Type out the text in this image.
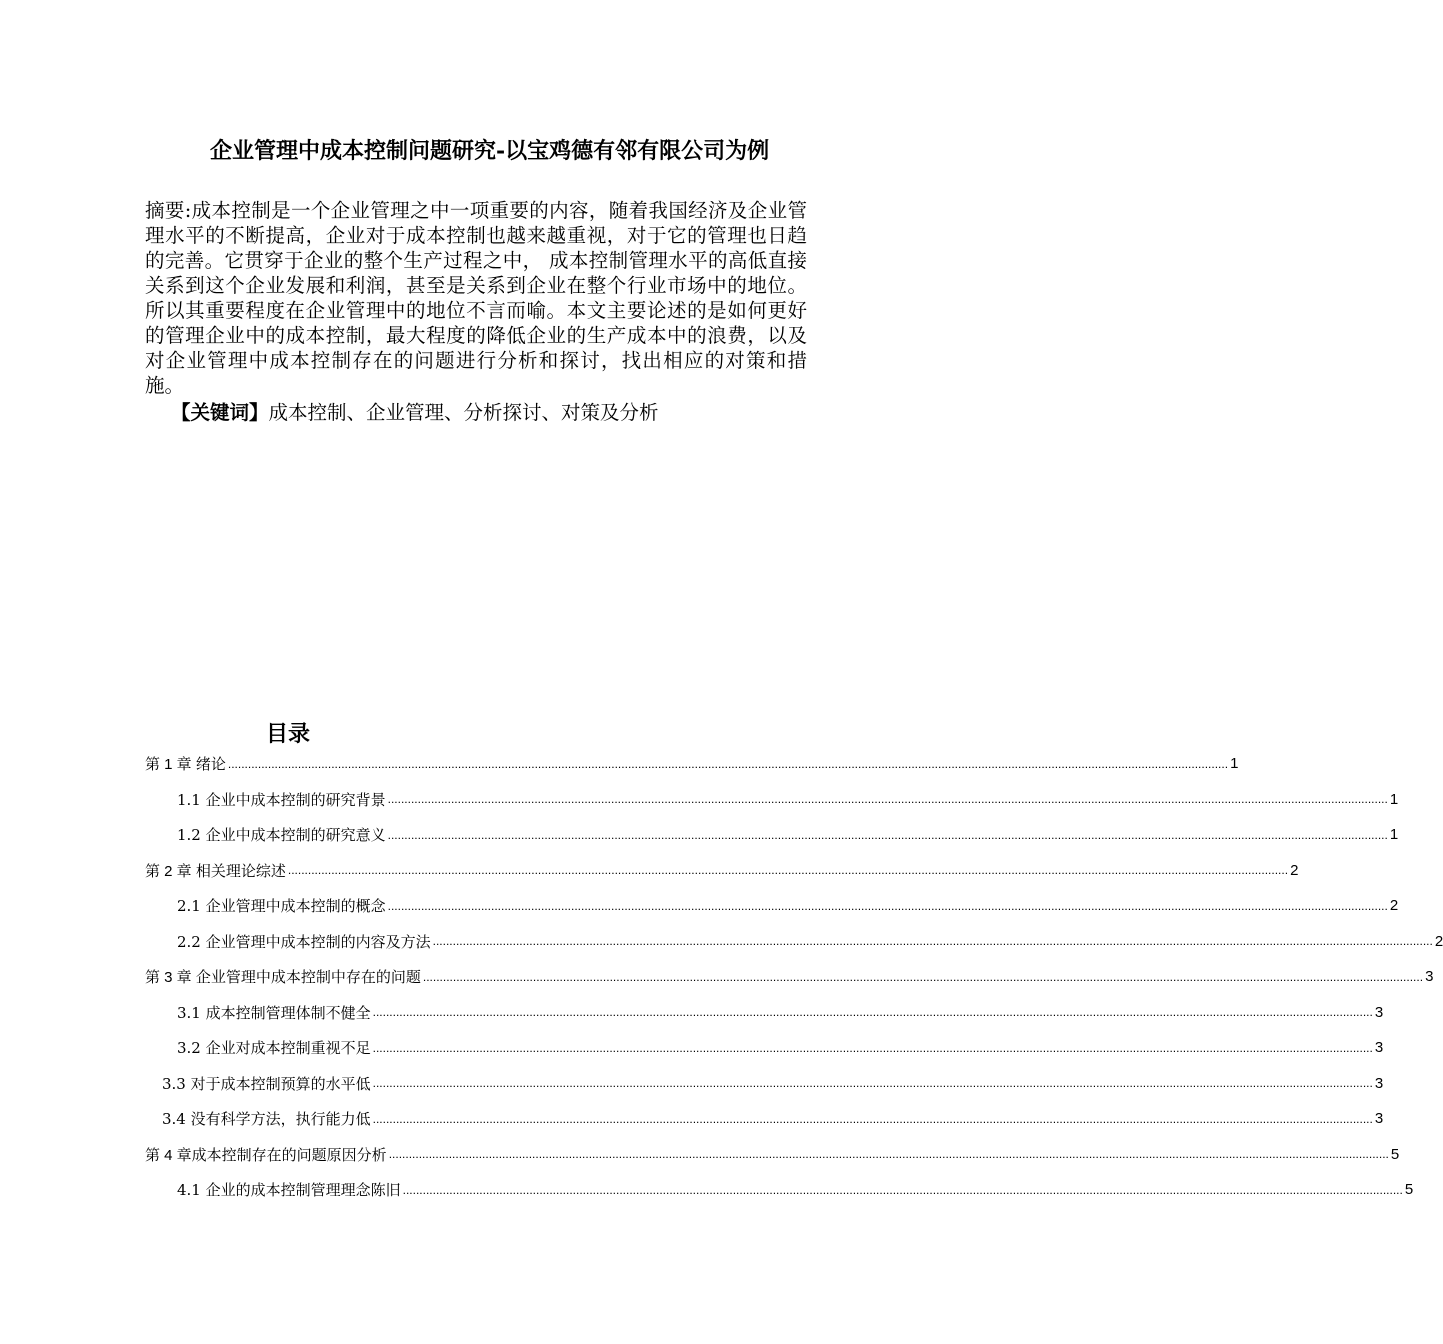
企业管理中成本控制问题研究-以宝鸡德有邻有限公司为例

摘要:成本控制是一个企业管理之中一项重要的内容，随着我国经济及企业管理水平的不断提高，企业对于成本控制也越来越重视，对于它的管理也日趋的完善。它贯穿于企业的整个生产过程之中， 成本控制管理水平的高低直接关系到这个企业发展和利润，甚至是关系到企业在整个行业市场中的地位。所以其重要程度在企业管理中的地位不言而喻。本文主要论述的是如何更好的管理企业中的成本控制，最大程度的降低企业的生产成本中的浪费，以及对企业管理中成本控制存在的问题进行分析和探讨，找出相应的对策和措施。

【关键词】成本控制、企业管理、分析探讨、对策及分析

目录
第 1 章 绪论 ............................................................................................................................................................................................................................................................................................................ 1
1.1 企业中成本控制的研究背景 ............................................................................................................................................................................................................................................................................................................ 1
1.2 企业中成本控制的研究意义 ............................................................................................................................................................................................................................................................................................................ 1
第 2 章 相关理论综述 ............................................................................................................................................................................................................................................................................................................ 2
2.1 企业管理中成本控制的概念 ............................................................................................................................................................................................................................................................................................................ 2
2.2 企业管理中成本控制的内容及方法 ............................................................................................................................................................................................................................................................................................................ 2
第 3 章 企业管理中成本控制中存在的问题 ............................................................................................................................................................................................................................................................................................................ 3
3.1 成本控制管理体制不健全 ............................................................................................................................................................................................................................................................................................................ 3
3.2 企业对成本控制重视不足 ............................................................................................................................................................................................................................................................................................................ 3
3.3 对于成本控制预算的水平低 ............................................................................................................................................................................................................................................................................................................ 3
3.4 没有科学方法，执行能力低 ............................................................................................................................................................................................................................................................................................................ 3
第 4 章成本控制存在的问题原因分析 ............................................................................................................................................................................................................................................................................................................ 5
4.1 企业的成本控制管理理念陈旧 ............................................................................................................................................................................................................................................................................................................ 5
